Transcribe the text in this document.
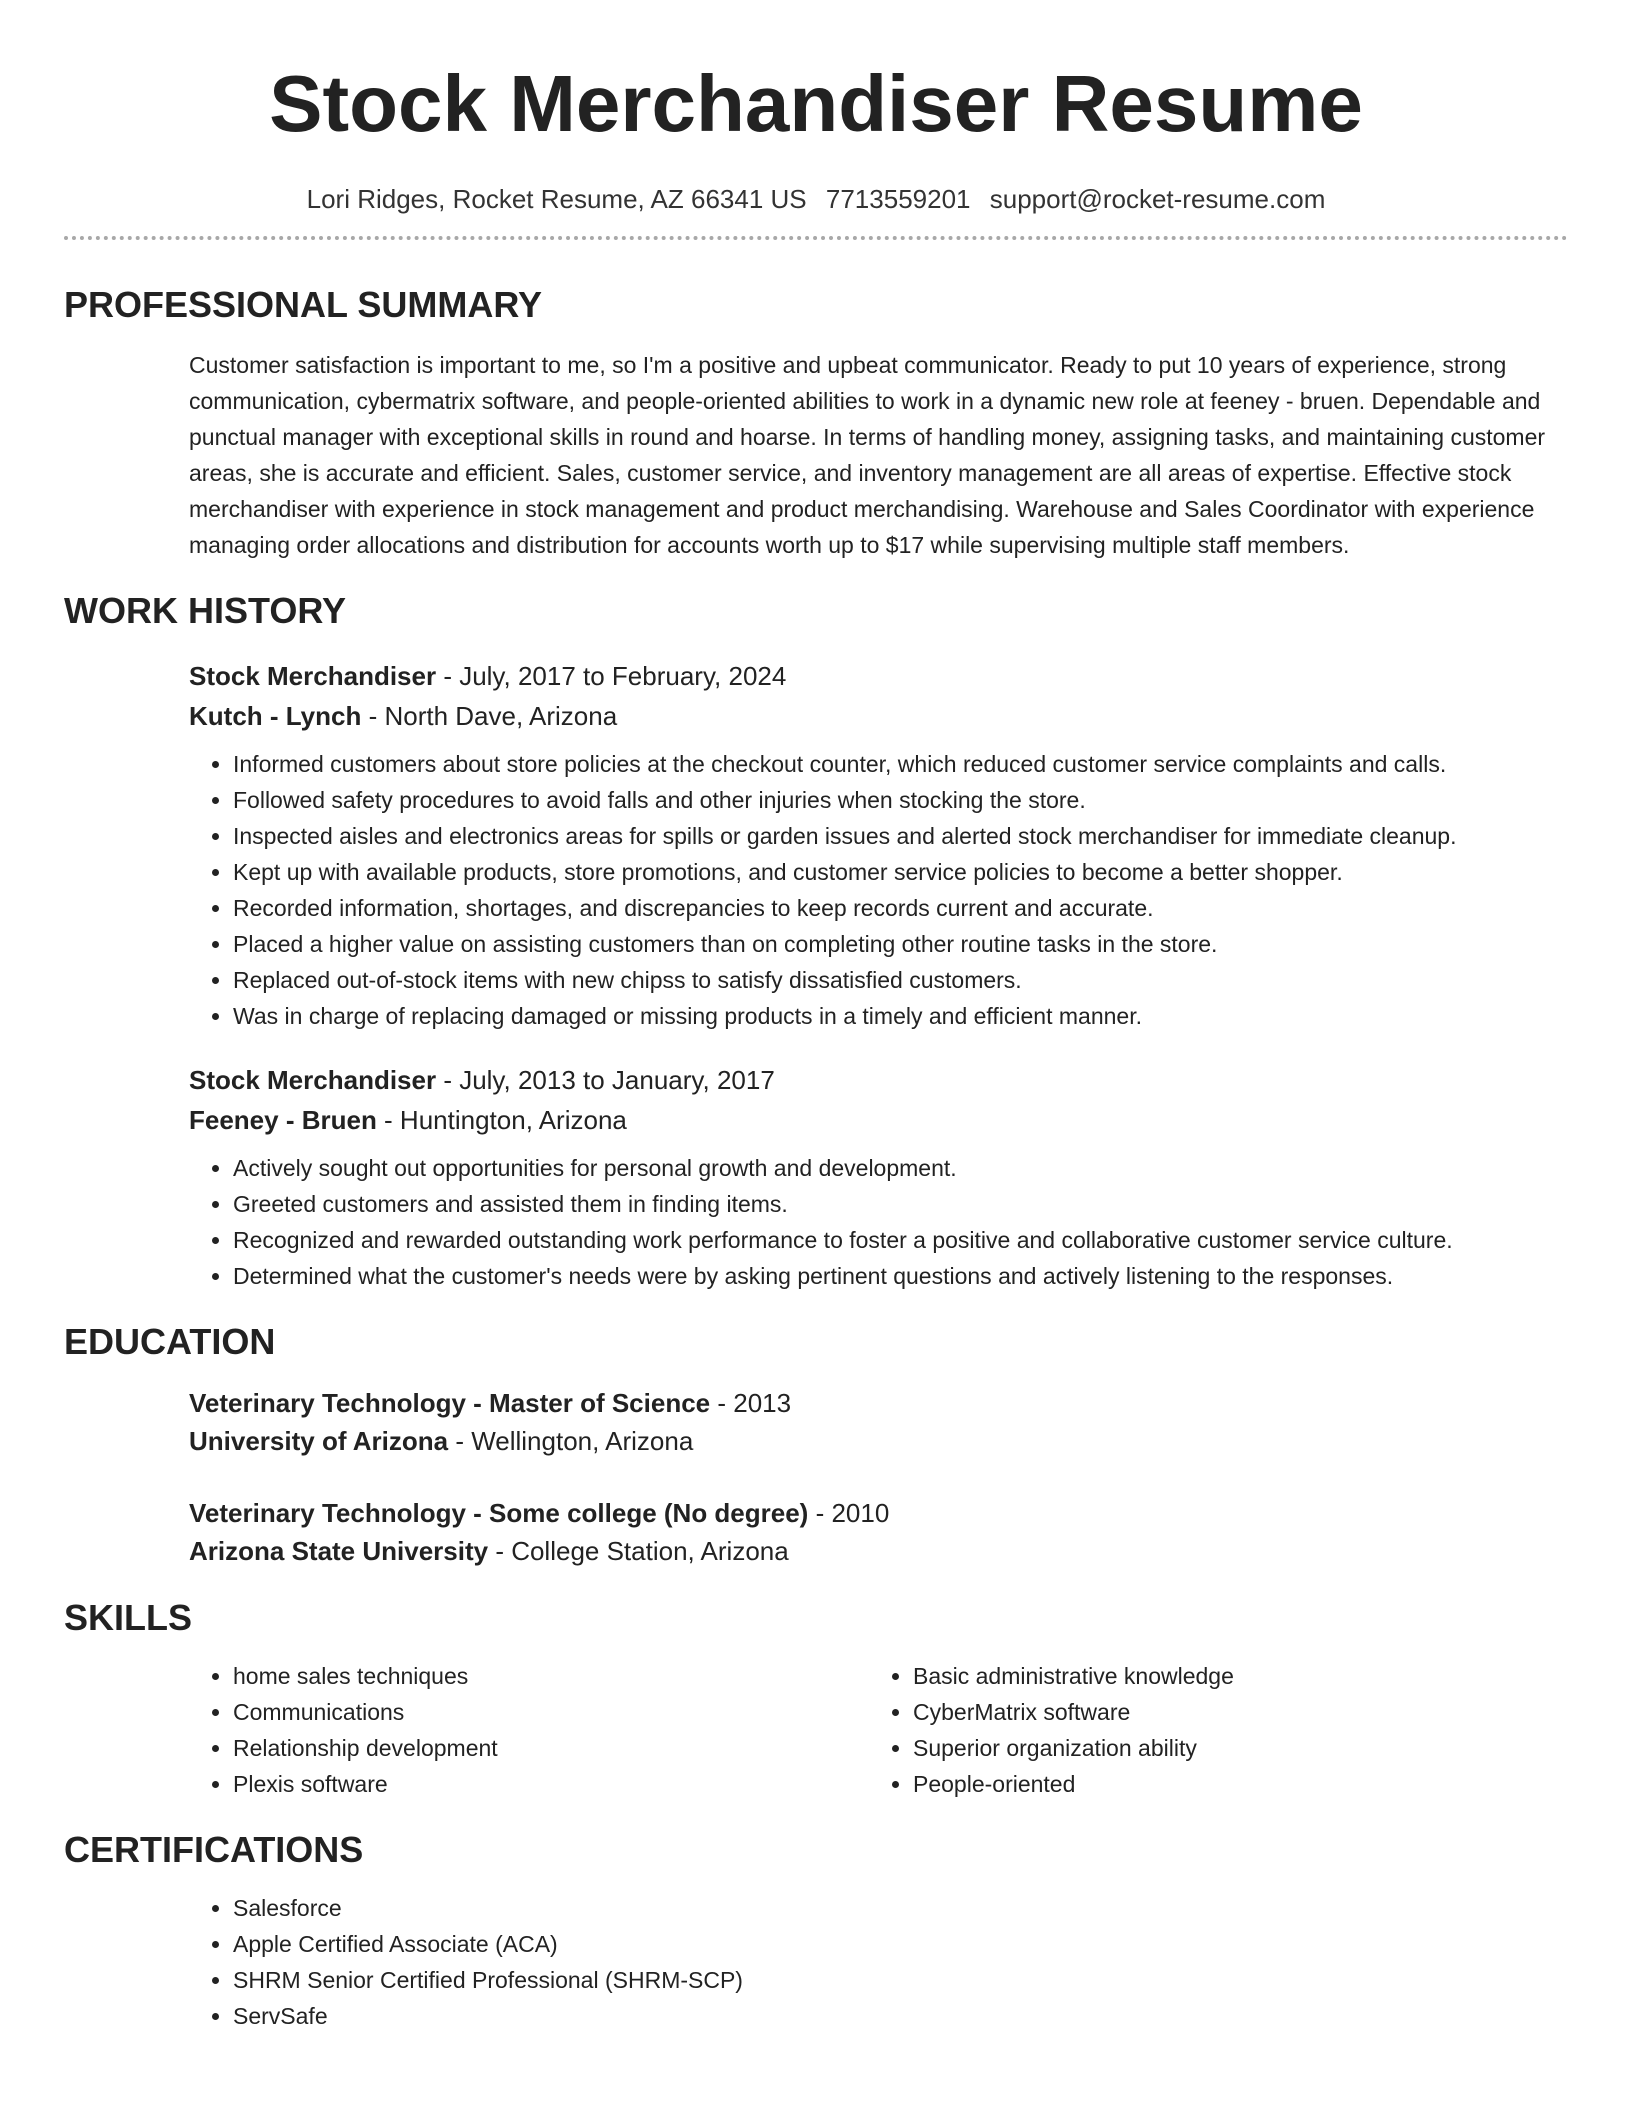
Stock Merchandiser Resume
Lori Ridges, Rocket Resume, AZ 66341 US 7713559201 support@rocket-resume.com
PROFESSIONAL SUMMARY

Customer satisfaction is important to me, so I'm a positive and upbeat communicator. Ready to put 10 years of experience, strong communication, cybermatrix software, and people-oriented abilities to work in a dynamic new role at feeney - bruen. Dependable and punctual manager with exceptional skills in round and hoarse. In terms of handling money, assigning tasks, and maintaining customer areas, she is accurate and efficient. Sales, customer service, and inventory management are all areas of expertise. Effective stock merchandiser with experience in stock management and product merchandising. Warehouse and Sales Coordinator with experience managing order allocations and distribution for accounts worth up to $17 while supervising multiple staff members.

WORK HISTORY
Stock Merchandiser - July, 2017 to February, 2024
Kutch - Lynch - North Dave, Arizona
• Informed customers about store policies at the checkout counter, which reduced customer service complaints and calls.
• Followed safety procedures to avoid falls and other injuries when stocking the store.
• Inspected aisles and electronics areas for spills or garden issues and alerted stock merchandiser for immediate cleanup.
• Kept up with available products, store promotions, and customer service policies to become a better shopper.
• Recorded information, shortages, and discrepancies to keep records current and accurate.
• Placed a higher value on assisting customers than on completing other routine tasks in the store.
• Replaced out-of-stock items with new chipss to satisfy dissatisfied customers.
• Was in charge of replacing damaged or missing products in a timely and efficient manner.
Stock Merchandiser - July, 2013 to January, 2017
Feeney - Bruen - Huntington, Arizona
• Actively sought out opportunities for personal growth and development.
• Greeted customers and assisted them in finding items.
• Recognized and rewarded outstanding work performance to foster a positive and collaborative customer service culture.
• Determined what the customer's needs were by asking pertinent questions and actively listening to the responses.
EDUCATION
Veterinary Technology - Master of Science - 2013
University of Arizona - Wellington, Arizona
Veterinary Technology - Some college (No degree) - 2010
Arizona State University - College Station, Arizona
SKILLS
• home sales techniques
• Communications
• Relationship development
• Plexis software
• Basic administrative knowledge
• CyberMatrix software
• Superior organization ability
• People-oriented
CERTIFICATIONS
• Salesforce
• Apple Certified Associate (ACA)
• SHRM Senior Certified Professional (SHRM-SCP)
• ServSafe
